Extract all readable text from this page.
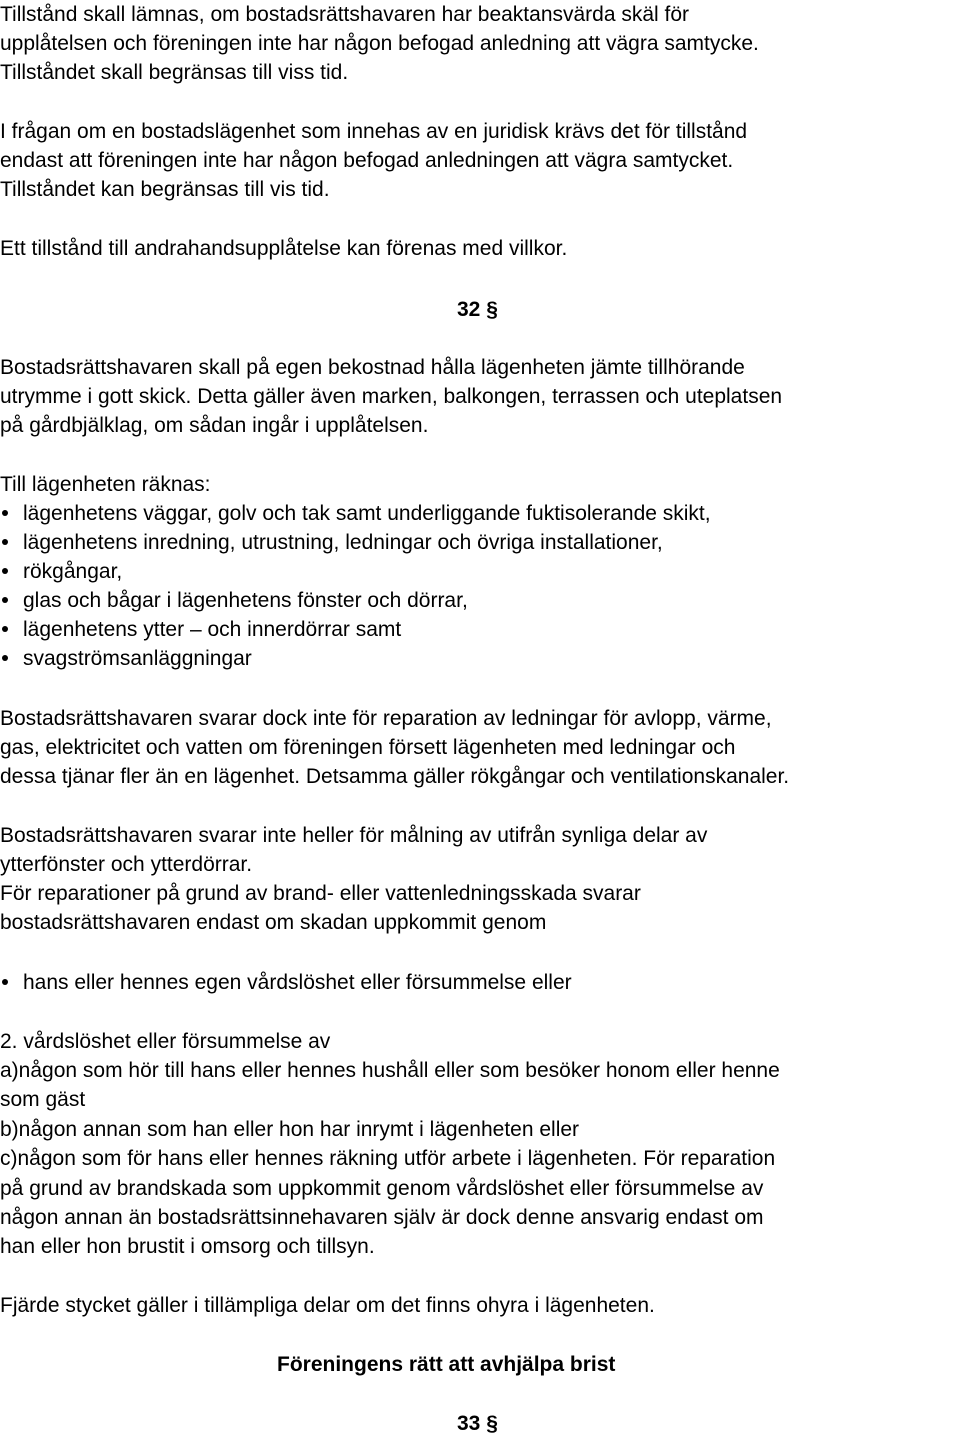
Tillstånd skall lämnas, om bostadsrättshavaren har beaktansvärda skäl för
upplåtelsen och föreningen inte har någon befogad anledning att vägra samtycke.
Tillståndet skall begränsas till viss tid.
I frågan om en bostadslägenhet som innehas av en juridisk krävs det för tillstånd
endast att föreningen inte har någon befogad anledningen att vägra samtycket.
Tillståndet kan begränsas till vis tid.
Ett tillstånd till andrahandsupplåtelse kan förenas med villkor.
32 §
Bostadsrättshavaren skall på egen bekostnad hålla lägenheten jämte tillhörande
utrymme i gott skick. Detta gäller även marken, balkongen, terrassen och uteplatsen
på gårdbjälklag, om sådan ingår i upplåtelsen.
Till lägenheten räknas:

lägenhetens väggar, golv och tak samt underliggande fuktisolerande skikt,

lägenhetens inredning, utrustning, ledningar och övriga installationer,

rökgångar,

glas och bågar i lägenhetens fönster och dörrar,

lägenhetens ytter – och innerdörrar samt

svagströmsanläggningar

Bostadsrättshavaren svarar dock inte för reparation av ledningar för avlopp, värme,
gas, elektricitet och vatten om föreningen försett lägenheten med ledningar och
dessa tjänar fler än en lägenhet. Detsamma gäller rökgångar och ventilationskanaler.
Bostadsrättshavaren svarar inte heller för målning av utifrån synliga delar av
ytterfönster och ytterdörrar.
För reparationer på grund av brand- eller vattenledningsskada svarar
bostadsrättshavaren endast om skadan uppkommit genom

hans eller hennes egen vårdslöshet eller försummelse eller

2. vårdslöshet eller försummelse av
a)någon som hör till hans eller hennes hushåll eller som besöker honom eller henne
som gäst
b)någon annan som han eller hon har inrymt i lägenheten eller
c)någon som för hans eller hennes räkning utför arbete i lägenheten. För reparation
på grund av brandskada som uppkommit genom vårdslöshet eller försummelse av
någon annan än bostadsrättsinnehavaren själv är dock denne ansvarig endast om
han eller hon brustit i omsorg och tillsyn.
Fjärde stycket gäller i tillämpliga delar om det finns ohyra i lägenheten.
Föreningens rätt att avhjälpa brist
33 §
